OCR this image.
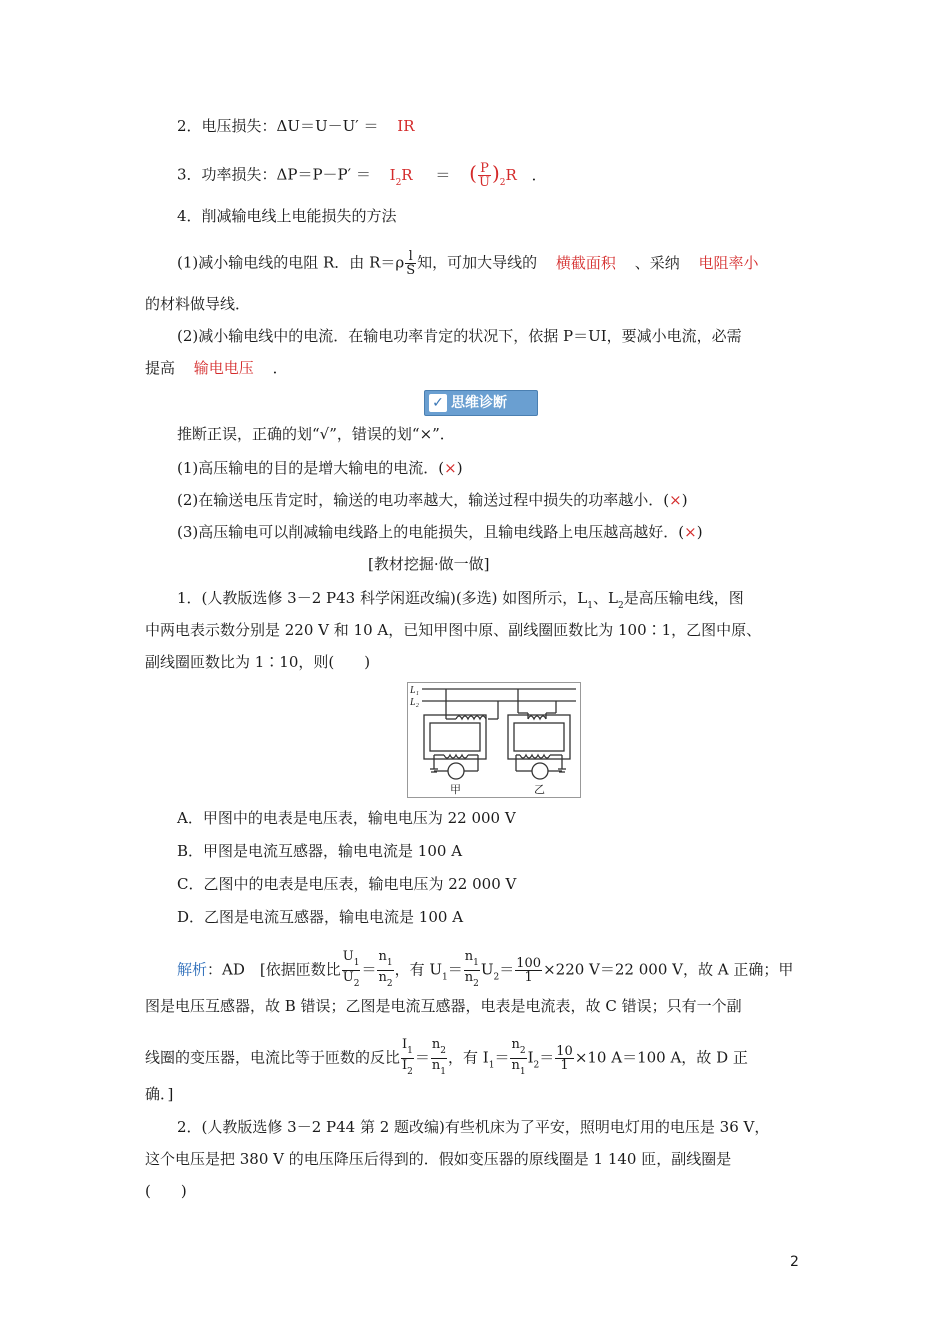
2．电压损失：ΔU＝U－U′ ＝ IR
3．功率损失：$\Delta P=P-P' = I_2R$ ＝ ( $\frac{P}{U} )_2R$ ．
4．削减输电线上电能损失的方法
(1)减小输电线的电阻 R．由 $R=\rho \frac{l}{S}$ 知，可加大导线的 横截面积 、采纳 电阻率小
的材料做导线．
(2)减小输电线中的电流．在输电功率肯定的状况下，依据 P＝UI，要减小电流，必需
提高 输电电压 ．
✓ 思维诊断
推断正误，正确的划“√”，错误的划“×”．
(1)高压输电的目的是增大输电的电流．(×)
(2)在输送电压肯定时，输送的电功率越大，输送过程中损失的功率越小．(×)
(3)高压输电可以削减输电线路上的电能损失，且输电线路上电压越高越好．(×)
[教材挖掘·做一做]
1．(人教版选修 3－2 P43 科学闲逛改编)(多选) 如图所示，$L_1$、$L_2$是高压输电线，图
中两电表示数分别是 220 V 和 10 A，已知甲图中原、副线圈匝数比为 100∶1，乙图中原、
副线圈匝数比为 1∶10，则(　　)
L₁
L₂
甲	乙
A．甲图中的电表是电压表，输电电压为 22 000 V
B．甲图是电流互感器，输电电流是 100 A
C．乙图中的电表是电压表，输电电压为 22 000 V
D．乙图是电流互感器，输电电流是 100 A
解析：AD　[依据匝数比 $\frac{U_1}{U_2} = \frac{n_1}{n_2}$ ，有 $U_1= \frac{n_1}{n_2} U_2= \frac{100}{1} \times 220$ V＝22 000 V，故 A 正确；甲
图是电压互感器，故 B 错误；乙图是电流互感器，电表是电流表，故 C 错误；只有一个副
线圈的变压器，电流比等于匝数的反比 $\frac{I_1}{I_2} = \frac{n_2}{n_1}$ ，有 $I_1= \frac{n_2}{n_1} I_2= \frac{10}{1} \times 10$ A＝100 A，故 D 正
确．]
2．(人教版选修 3－2 P44 第 2 题改编)有些机床为了平安，照明电灯用的电压是 36 V，
这个电压是把 380 V 的电压降压后得到的．假如变压器的原线圈是 1 140 匝，副线圈是
(　　)
2
